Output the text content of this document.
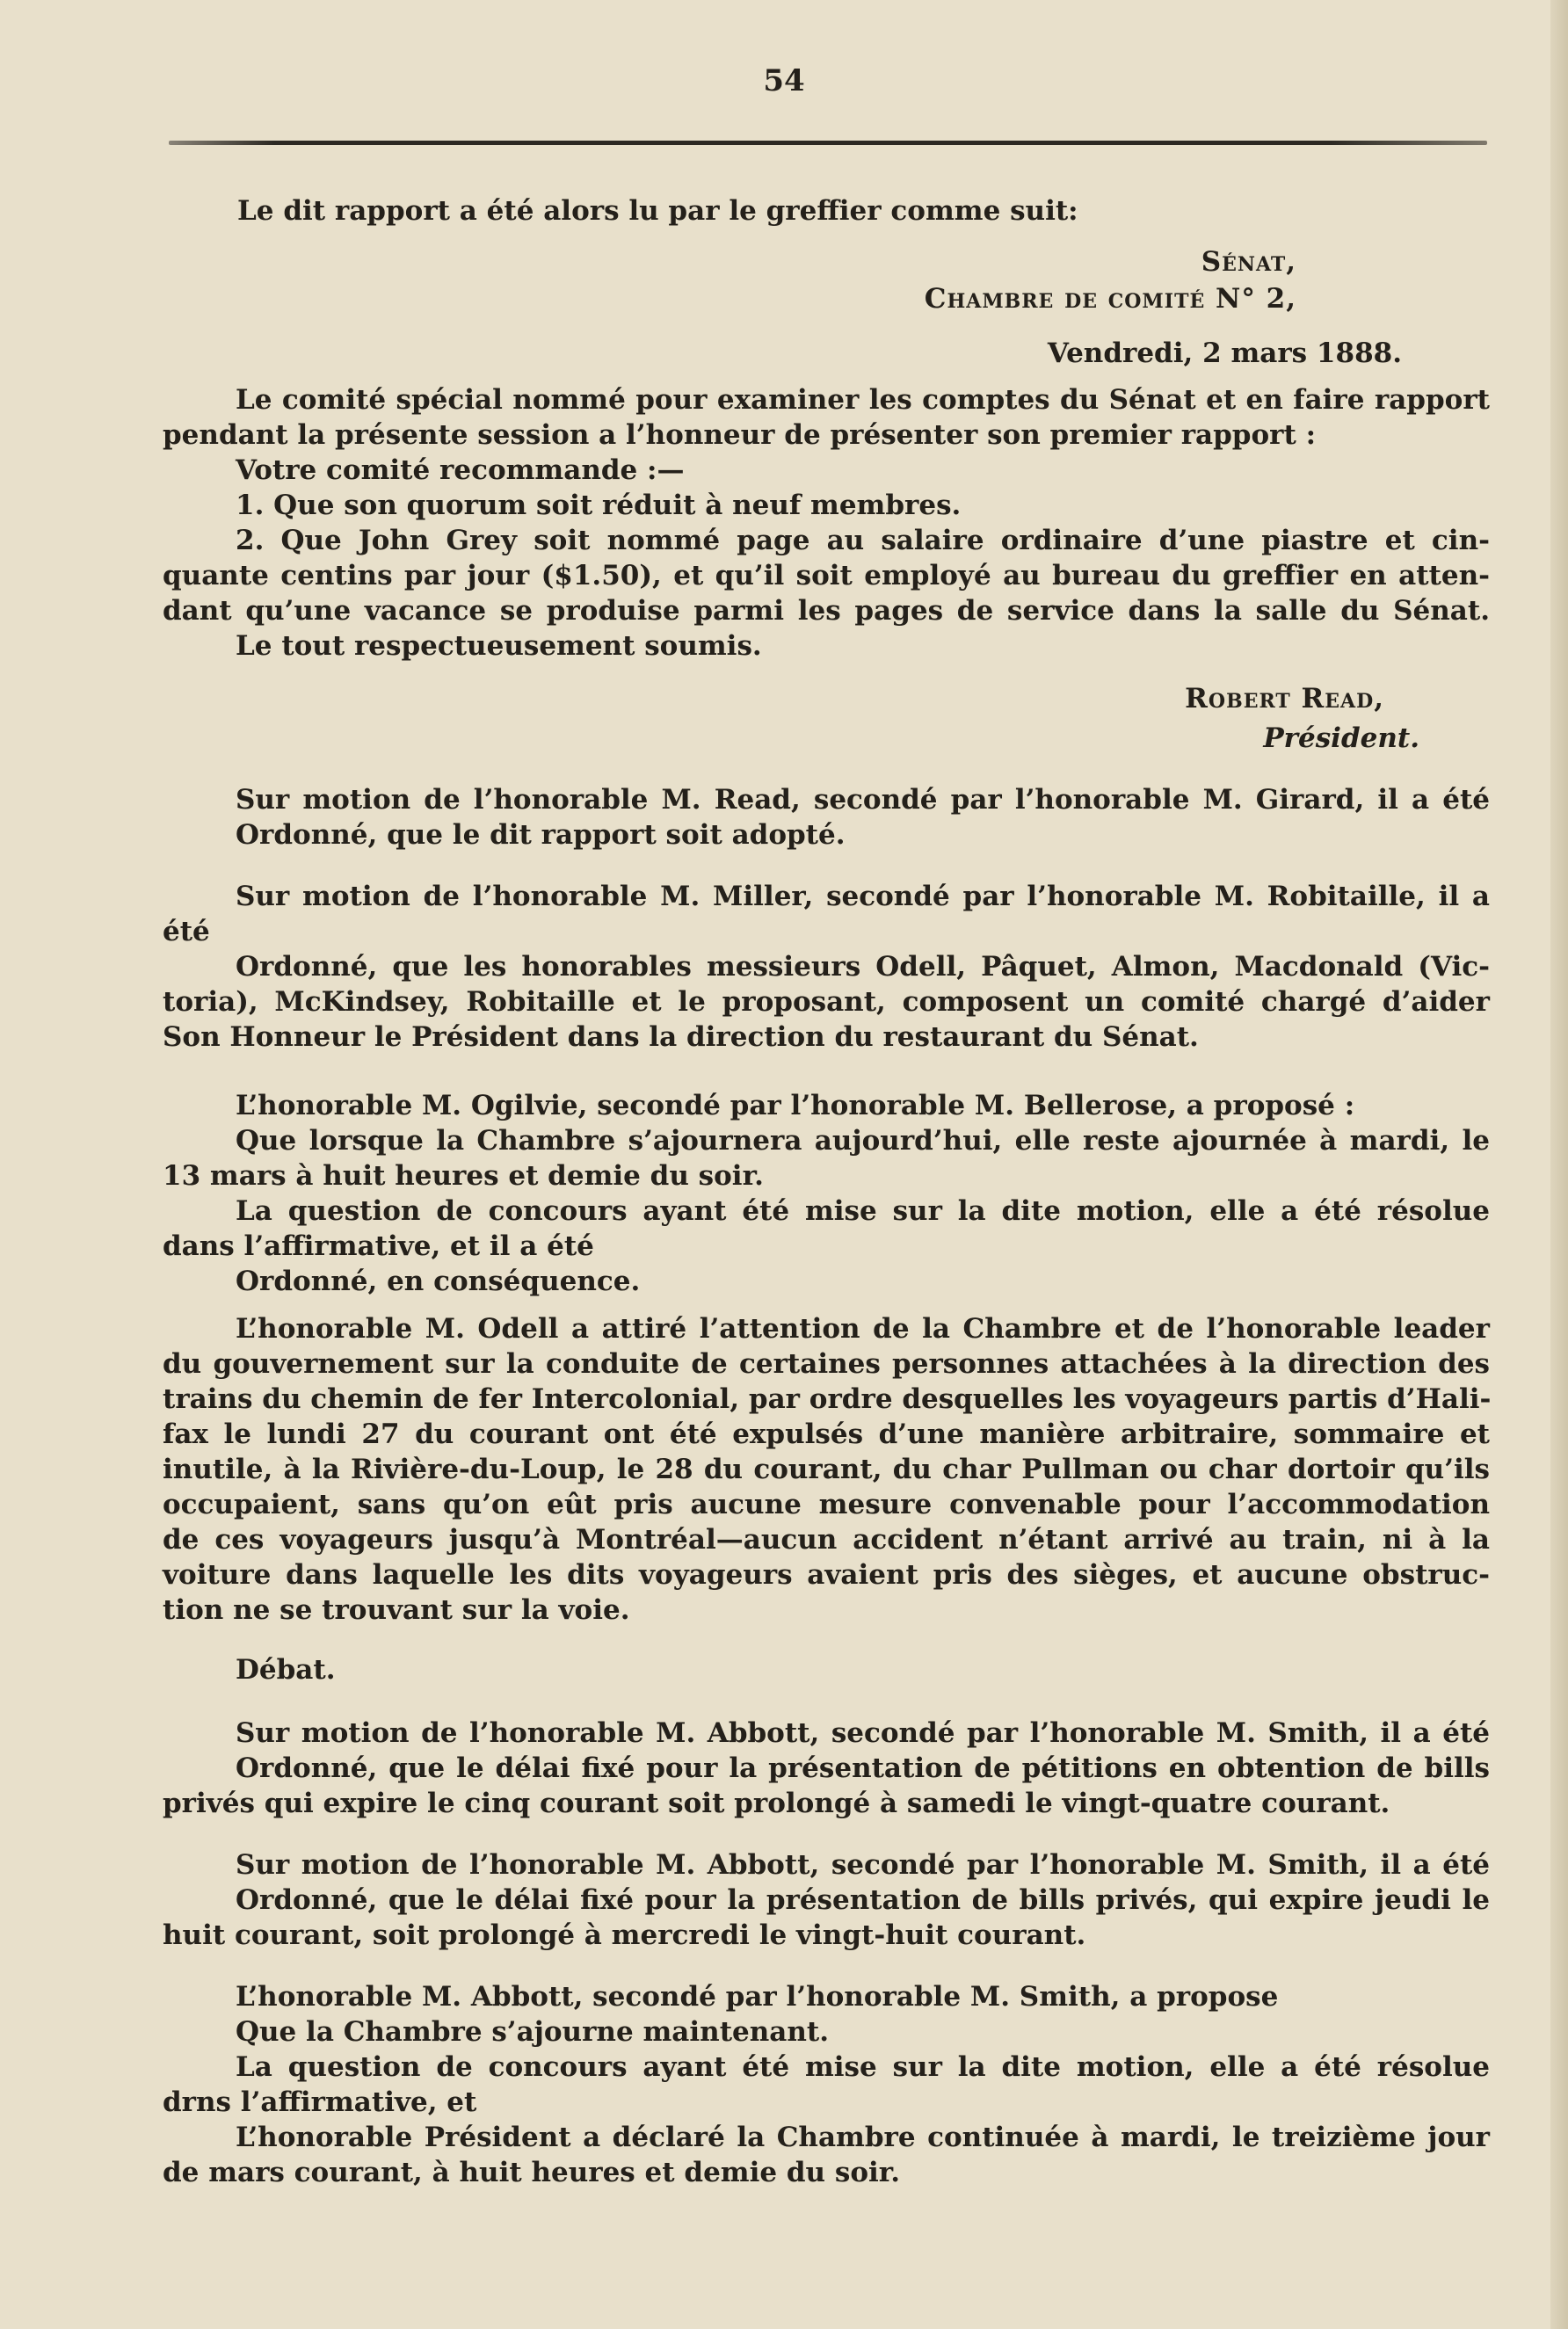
54
Le dit rapport a été alors lu par le greffier comme suit:
Sénat,
Chambre de comité N° 2,
Vendredi, 2 mars 1888.
Le comité spécial nommé pour examiner les comptes du Sénat et en faire rapport
pendant la présente session a l’honneur de présenter son premier rapport :
Votre comité recommande :—
1. Que son quorum soit réduit à neuf membres.
2. Que John Grey soit nommé page au salaire ordinaire d’une piastre et cin-
quante centins par jour ($1.50), et qu’il soit employé au bureau du greffier en atten-
dant qu’une vacance se produise parmi les pages de service dans la salle du Sénat.
Le tout respectueusement soumis.
Robert Read,
Président.
Sur motion de l’honorable M. Read, secondé par l’honorable M. Girard, il a été
Ordonné, que le dit rapport soit adopté.
Sur motion de l’honorable M. Miller, secondé par l’honorable M. Robitaille, il a
été
Ordonné, que les honorables messieurs Odell, Pâquet, Almon, Macdonald (Vic-
toria), McKindsey, Robitaille et le proposant, composent un comité chargé d’aider
Son Honneur le Président dans la direction du restaurant du Sénat.
L’honorable M. Ogilvie, secondé par l’honorable M. Bellerose, a proposé :
Que lorsque la Chambre s’ajournera aujourd’hui, elle reste ajournée à mardi, le
13 mars à huit heures et demie du soir.
La question de concours ayant été mise sur la dite motion, elle a été résolue
dans l’affirmative, et il a été
Ordonné, en conséquence.
L’honorable M. Odell a attiré l’attention de la Chambre et de l’honorable leader
du gouvernement sur la conduite de certaines personnes attachées à la direction des
trains du chemin de fer Intercolonial, par ordre desquelles les voyageurs partis d’Hali-
fax le lundi 27 du courant ont été expulsés d’une manière arbitraire, sommaire et
inutile, à la Rivière-du-Loup, le 28 du courant, du char Pullman ou char dortoir qu’ils
occupaient, sans qu’on eût pris aucune mesure convenable pour l’accommodation
de ces voyageurs jusqu’à Montréal—aucun accident n’étant arrivé au train, ni à la
voiture dans laquelle les dits voyageurs avaient pris des sièges, et aucune obstruc-
tion ne se trouvant sur la voie.
Débat.
Sur motion de l’honorable M. Abbott, secondé par l’honorable M. Smith, il a été
Ordonné, que le délai fixé pour la présentation de pétitions en obtention de bills
privés qui expire le cinq courant soit prolongé à samedi le vingt-quatre courant.
Sur motion de l’honorable M. Abbott, secondé par l’honorable M. Smith, il a été
Ordonné, que le délai fixé pour la présentation de bills privés, qui expire jeudi le
huit courant, soit prolongé à mercredi le vingt-huit courant.
L’honorable M. Abbott, secondé par l’honorable M. Smith, a propose
Que la Chambre s’ajourne maintenant.
La question de concours ayant été mise sur la dite motion, elle a été résolue
drns l’affirmative, et
L’honorable Président a déclaré la Chambre continuée à mardi, le treizième jour
de mars courant, à huit heures et demie du soir.
